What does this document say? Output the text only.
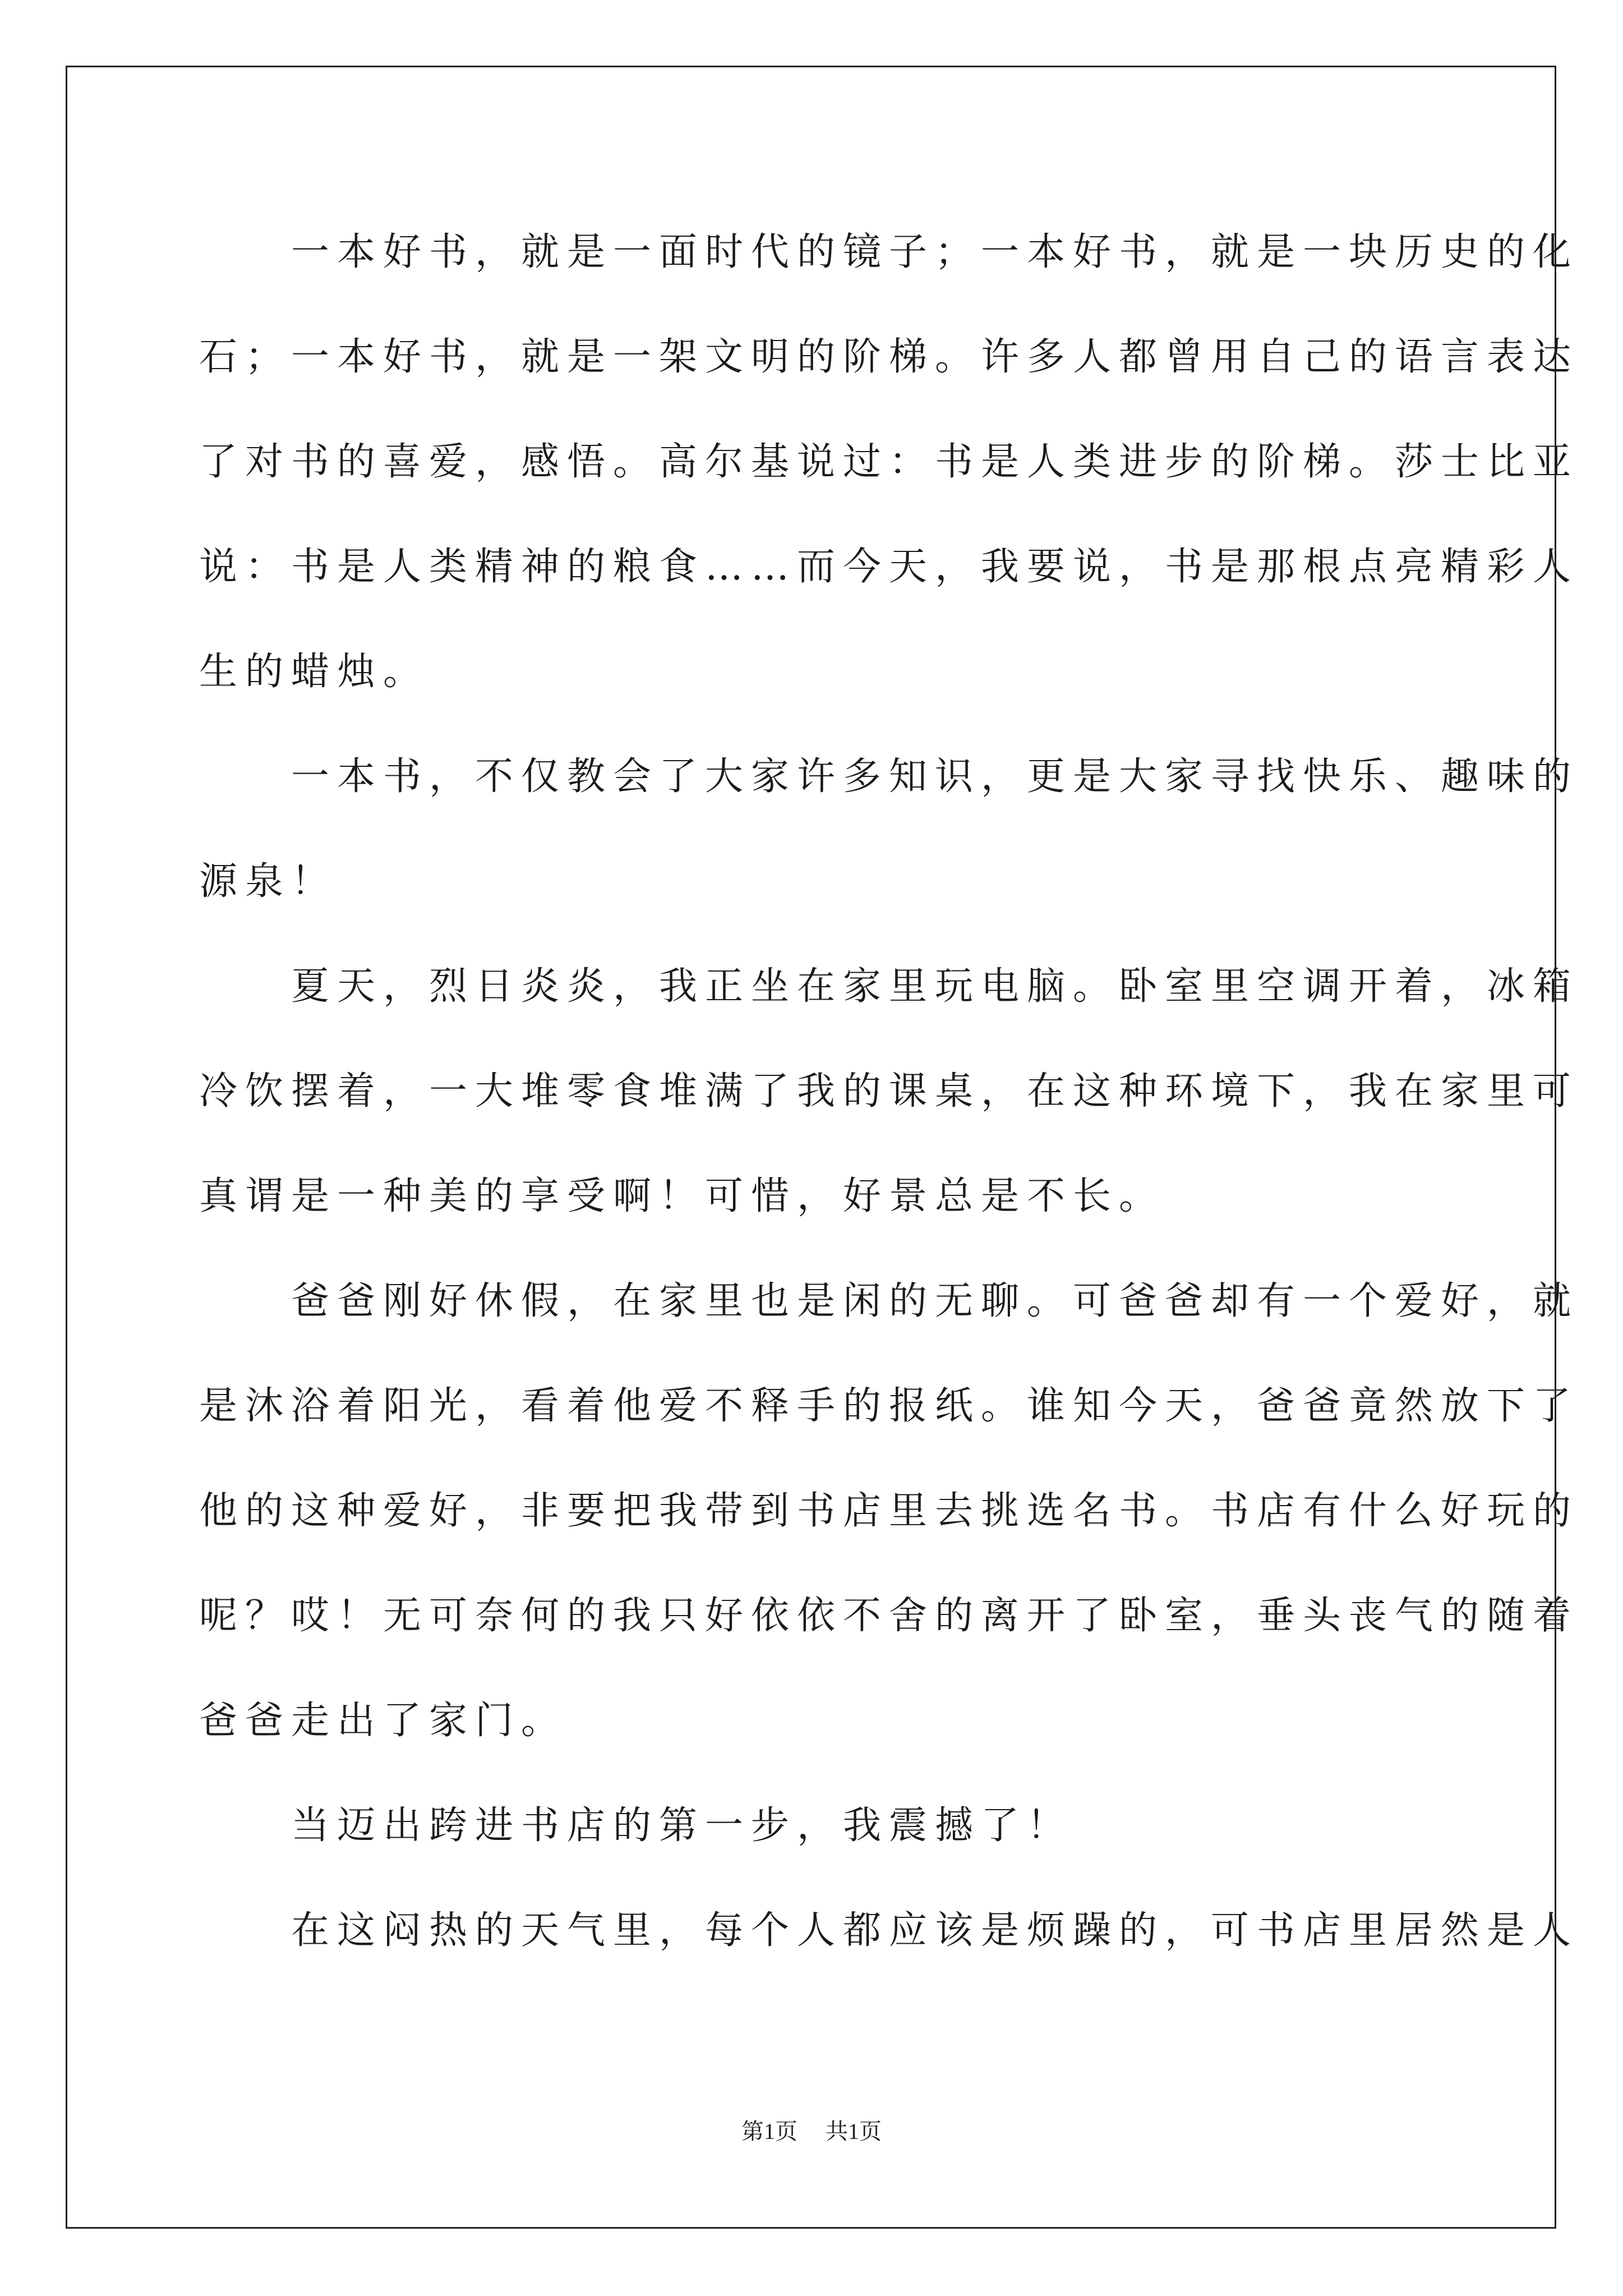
　　一本好书，就是一面时代的镜子；一本好书，就是一块历史的化
石；一本好书，就是一架文明的阶梯。许多人都曾用自己的语言表达
了对书的喜爱，感悟。高尔基说过：书是人类进步的阶梯。莎士比亚
说：书是人类精神的粮食……而今天，我要说，书是那根点亮精彩人
生的蜡烛。
　　一本书，不仅教会了大家许多知识，更是大家寻找快乐、趣味的
源泉！
　　夏天，烈日炎炎，我正坐在家里玩电脑。卧室里空调开着，冰箱
冷饮摆着，一大堆零食堆满了我的课桌，在这种环境下，我在家里可
真谓是一种美的享受啊！可惜，好景总是不长。
　　爸爸刚好休假，在家里也是闲的无聊。可爸爸却有一个爱好，就
是沐浴着阳光，看着他爱不释手的报纸。谁知今天，爸爸竟然放下了
他的这种爱好，非要把我带到书店里去挑选名书。书店有什么好玩的
呢？哎！无可奈何的我只好依依不舍的离开了卧室，垂头丧气的随着
爸爸走出了家门。
　　当迈出跨进书店的第一步，我震撼了！
　　在这闷热的天气里，每个人都应该是烦躁的，可书店里居然是人
第1页 共1页
